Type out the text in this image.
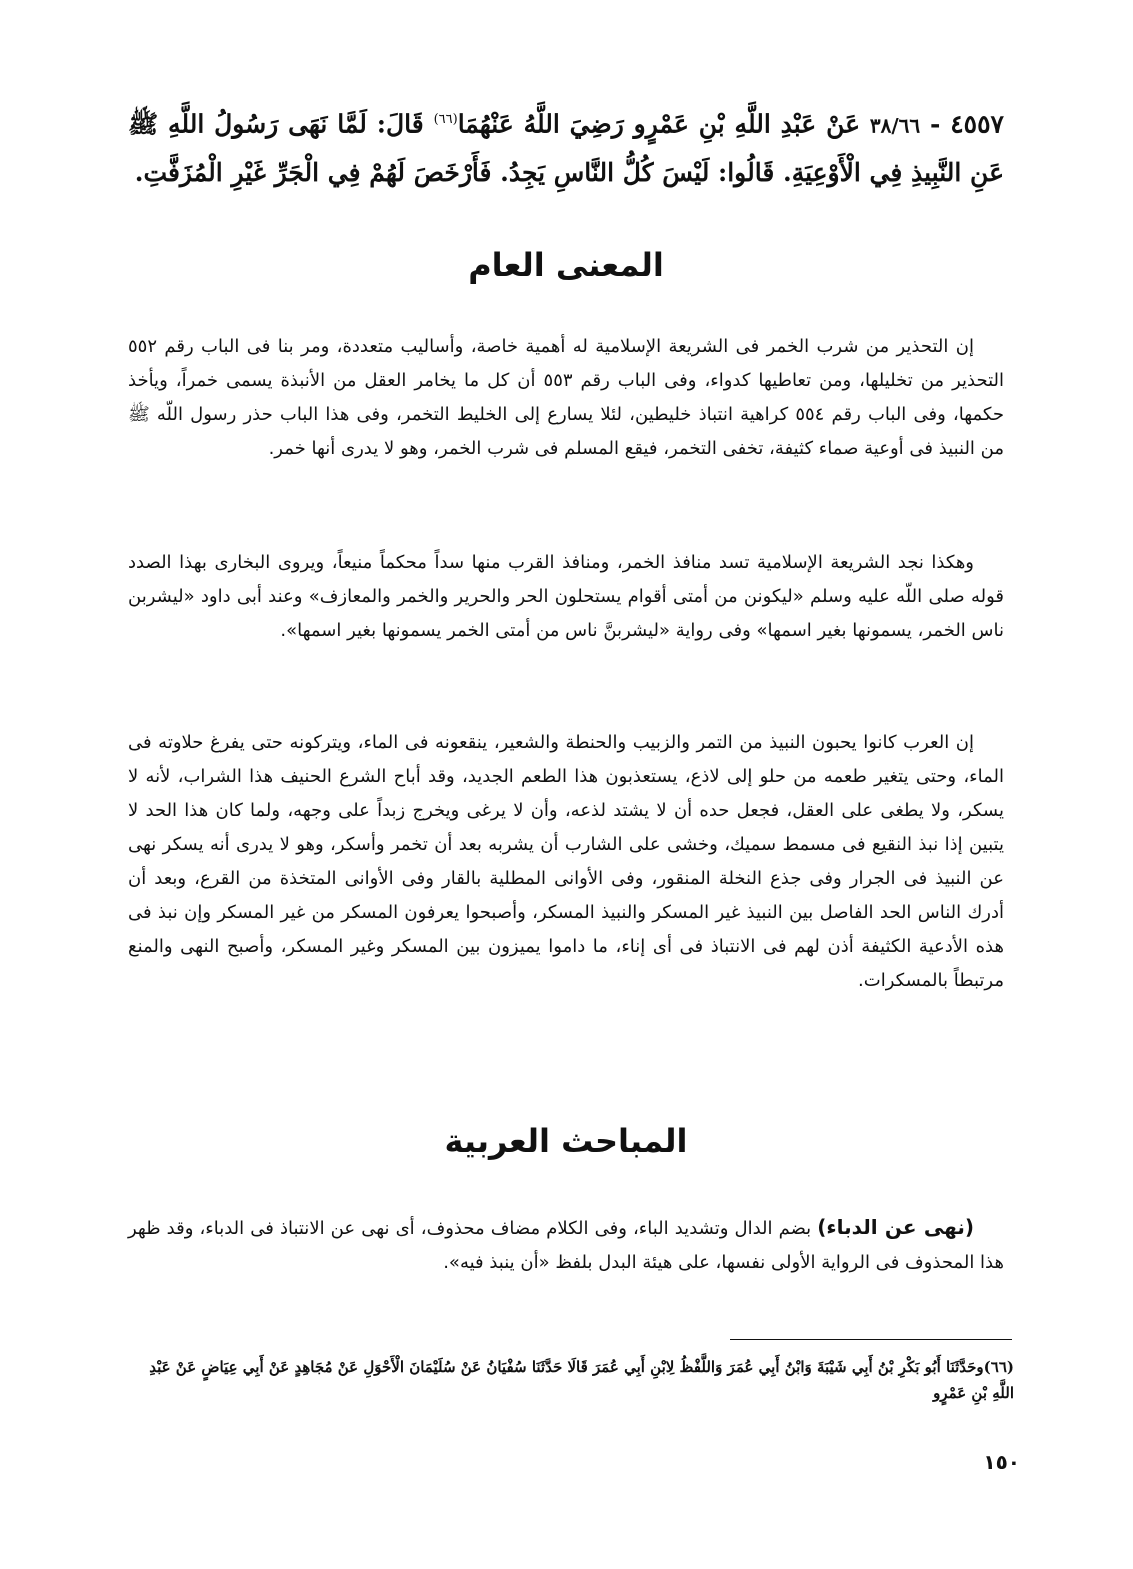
٤٥٥٧ - ٣٨/٦٦ عَنْ عَبْدِ اللَّهِ بْنِ عَمْرٍو رَضِيَ اللَّهُ عَنْهُمَا$^{(٦٦)}$ قَالَ: لَمَّا نَهَى رَسُولُ اللَّهِ ﷺ عَنِ النَّبِيذِ فِي الْأَوْعِيَةِ. قَالُوا: لَيْسَ كُلُّ النَّاسِ يَجِدُ. فَأَرْخَصَ لَهُمْ فِي الْجَرِّ غَيْرِ الْمُزَفَّتِ.
المعنى العام

إن التحذير من شرب الخمر فى الشريعة الإسلامية له أهمية خاصة، وأساليب متعددة، ومر بنا فى الباب رقم ٥٥٢ التحذير من تخليلها، ومن تعاطيها كدواء، وفى الباب رقم ٥٥٣ أن كل ما يخامر العقل من الأنبذة يسمى خمراً، ويأخذ حكمها، وفى الباب رقم ٥٥٤ كراهية انتباذ خليطين، لئلا يسارع إلى الخليط التخمر، وفى هذا الباب حذر رسول اللّه ﷺ من النبيذ فى أوعية صماء كثيفة، تخفى التخمر، فيقع المسلم فى شرب الخمر، وهو لا يدرى أنها خمر.

وهكذا نجد الشريعة الإسلامية تسد منافذ الخمر، ومنافذ القرب منها سداً محكماً منيعاً، ويروى البخارى بهذا الصدد قوله صلى اللّه عليه وسلم «ليكونن من أمتى أقوام يستحلون الحر والحرير والخمر والمعازف» وعند أبى داود «ليشربن ناس الخمر، يسمونها بغير اسمها» وفى رواية «ليشربنَّ ناس من أمتى الخمر يسمونها بغير اسمها».

إن العرب كانوا يحبون النبيذ من التمر والزبيب والحنطة والشعير، ينقعونه فى الماء، ويتركونه حتى يفرغ حلاوته فى الماء، وحتى يتغير طعمه من حلو إلى لاذع، يستعذبون هذا الطعم الجديد، وقد أباح الشرع الحنيف هذا الشراب، لأنه لا يسكر، ولا يطغى على العقل، فجعل حده أن لا يشتد لذعه، وأن لا يرغى ويخرج زبداً على وجهه، ولما كان هذا الحد لا يتبين إذا نبذ النقيع فى مسمط سميك، وخشى على الشارب أن يشربه بعد أن تخمر وأسكر، وهو لا يدرى أنه يسكر نهى عن النبيذ فى الجرار وفى جذع النخلة المنقور، وفى الأوانى المطلية بالقار وفى الأوانى المتخذة من القرع، وبعد أن أدرك الناس الحد الفاصل بين النبيذ غير المسكر والنبيذ المسكر، وأصبحوا يعرفون المسكر من غير المسكر وإن نبذ فى هذه الأدعية الكثيفة أذن لهم فى الانتباذ فى أى إناء، ما داموا يميزون بين المسكر وغير المسكر، وأصبح النهى والمنع مرتبطاً بالمسكرات.

المباحث العربية

(نهى عن الدباء) بضم الدال وتشديد الباء، وفى الكلام مضاف محذوف، أى نهى عن الانتباذ فى الدباء، وقد ظهر هذا المحذوف فى الرواية الأولى نفسها، على هيئة البدل بلفظ «أن ينبذ فيه».

(٦٦)وحَدَّثَنَا أَبُو بَكْرِ بْنُ أَبِي شَيْبَةَ وَابْنُ أَبِي عُمَرَ وَاللَّفْظُ لِابْنِ أَبِي عُمَرَ قَالَا حَدَّثَنَا سُفْيَانُ عَنْ سُلَيْمَانَ الْأَحْوَلِ عَنْ مُجَاهِدٍ عَنْ أَبِي عِيَاضٍ عَنْ عَبْدِ اللَّهِ بْنِ عَمْرٍو
١٥٠
